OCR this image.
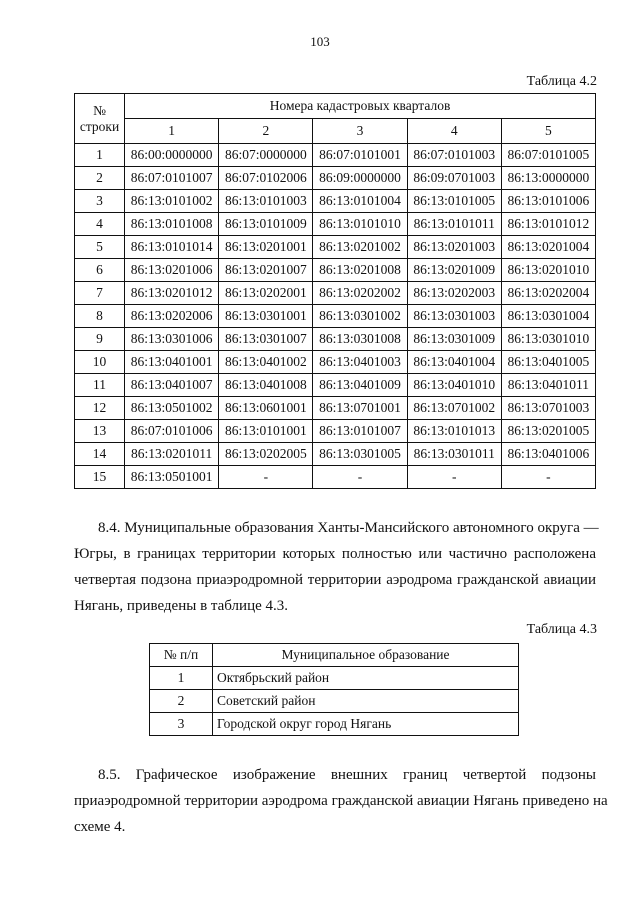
103
Таблица 4.2
№
строки	Номера кадастровых кварталов				
	1	2	3	4	5
1	86:00:0000000	86:07:0000000	86:07:0101001	86:07:0101003	86:07:0101005
2	86:07:0101007	86:07:0102006	86:09:0000000	86:09:0701003	86:13:0000000
3	86:13:0101002	86:13:0101003	86:13:0101004	86:13:0101005	86:13:0101006
4	86:13:0101008	86:13:0101009	86:13:0101010	86:13:0101011	86:13:0101012
5	86:13:0101014	86:13:0201001	86:13:0201002	86:13:0201003	86:13:0201004
6	86:13:0201006	86:13:0201007	86:13:0201008	86:13:0201009	86:13:0201010
7	86:13:0201012	86:13:0202001	86:13:0202002	86:13:0202003	86:13:0202004
8	86:13:0202006	86:13:0301001	86:13:0301002	86:13:0301003	86:13:0301004
9	86:13:0301006	86:13:0301007	86:13:0301008	86:13:0301009	86:13:0301010
10	86:13:0401001	86:13:0401002	86:13:0401003	86:13:0401004	86:13:0401005
11	86:13:0401007	86:13:0401008	86:13:0401009	86:13:0401010	86:13:0401011
12	86:13:0501002	86:13:0601001	86:13:0701001	86:13:0701002	86:13:0701003
13	86:07:0101006	86:13:0101001	86:13:0101007	86:13:0101013	86:13:0201005
14	86:13:0201011	86:13:0202005	86:13:0301005	86:13:0301011	86:13:0401006
15	86:13:0501001	-	-	-	-
8.4. Муниципальные образования Ханты-Мансийского автономного округа —
Югры, в границах территории которых полностью или частично расположена
четвертая подзона приаэродромной территории аэродрома гражданской авиации
Нягань, приведены в таблице 4.3.
Таблица 4.3
№ п/п	Муниципальное образование
1	Октябрьский район
2	Советский район
3	Городской округ город Нягань
8.5. Графическое изображение внешних границ четвертой подзоны
приаэродромной территории аэродрома гражданской авиации Нягань приведено на
схеме 4.
